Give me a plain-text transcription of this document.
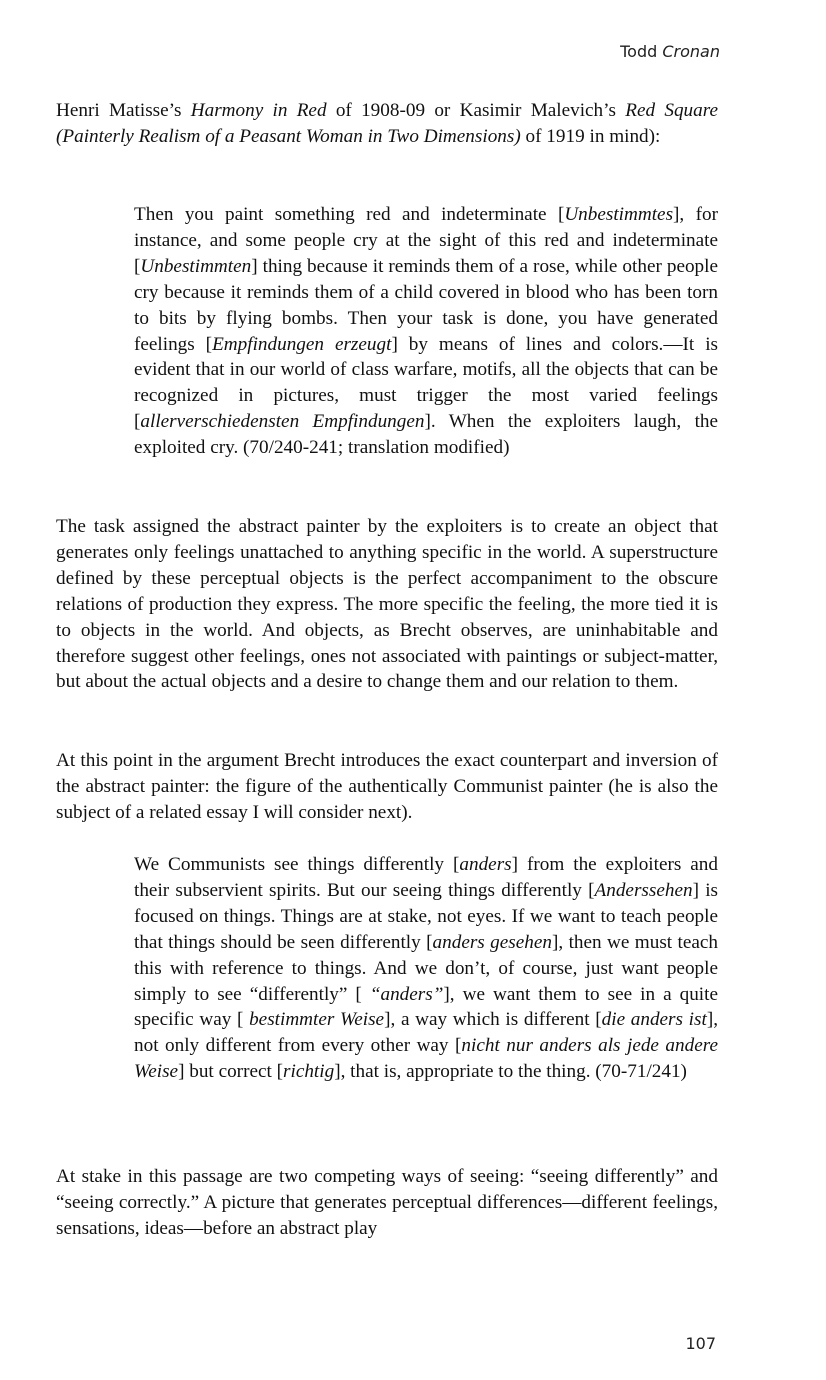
Todd Cronan

Henri Matisse’s Harmony in Red of 1908-09 or Kasimir Malevich’s Red Square (Painterly Realism of a Peasant Woman in Two Dimensions) of 1919 in mind):

Then you paint something red and indeterminate [Unbestimmtes], for instance, and some people cry at the sight of this red and indeterminate [Unbestimmten] thing because it reminds them of a rose, while other people cry because it reminds them of a child covered in blood who has been torn to bits by flying bombs. Then your task is done, you have generated feelings [Empfindungen erzeugt] by means of lines and colors.—It is evident that in our world of class warfare, motifs, all the objects that can be recognized in pictures, must trigger the most varied feelings [allerverschiedensten Empfindungen]. When the exploiters laugh, the exploited cry. (70/240-241; translation modified)

The task assigned the abstract painter by the exploiters is to create an object that generates only feelings unattached to anything specific in the world. A superstructure defined by these perceptual objects is the perfect accompaniment to the obscure relations of production they express. The more specific the feeling, the more tied it is to objects in the world. And objects, as Brecht observes, are uninhabitable and therefore suggest other feelings, ones not associated with paintings or subject-matter, but about the actual objects and a desire to change them and our relation to them.

At this point in the argument Brecht introduces the exact counterpart and inversion of the abstract painter: the figure of the authentically Communist painter (he is also the subject of a related essay I will consider next).

We Communists see things differently [anders] from the exploiters and their subservient spirits. But our seeing things differently [Anderssehen] is focused on things. Things are at stake, not eyes. If we want to teach people that things should be seen differently [anders gesehen], then we must teach this with reference to things. And we don’t, of course, just want people simply to see “differently” [ “anders”], we want them to see in a quite specific way [ bestimmter Weise], a way which is different [die anders ist], not only different from every other way [nicht nur anders als jede andere Weise] but correct [richtig], that is, appropriate to the thing. (70-71/241)

At stake in this passage are two competing ways of seeing: “seeing differently” and “seeing correctly.” A picture that generates perceptual differences—different feelings, sensations, ideas—before an abstract play

107
